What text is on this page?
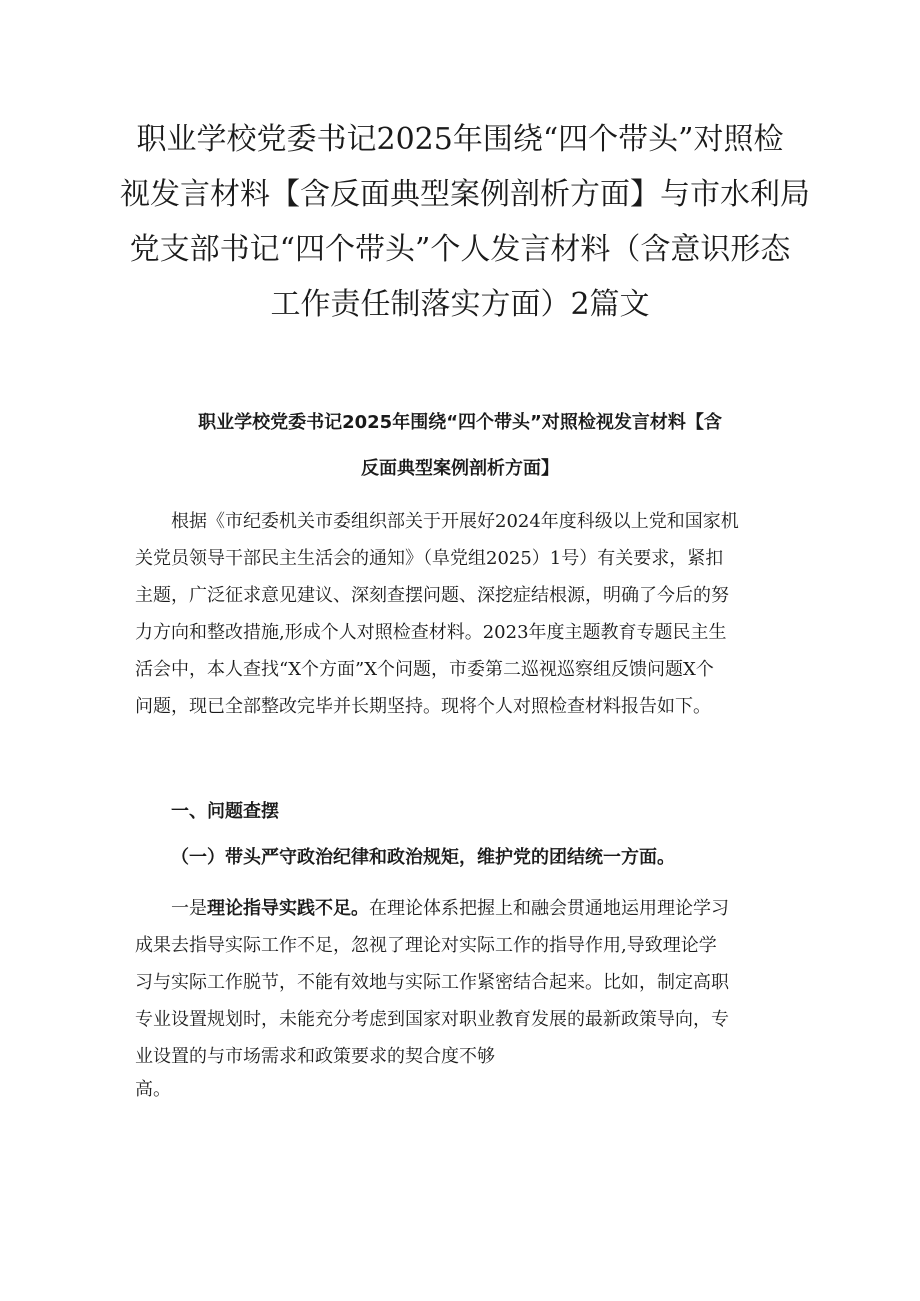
职业学校党委书记2025年围绕“四个带头”对照检
视发言材料【含反面典型案例剖析方面】与市水利局
党支部书记“四个带头”个人发言材料（含意识形态
工作责任制落实方面）2篇文
职业学校党委书记2025年围绕“四个带头”对照检视发言材料【含
反面典型案例剖析方面】
根据《市纪委机关市委组织部关于开展好2024年度科级以上党和国家机
关党员领导干部民主生活会的通知》（阜党组2025）1号）有关要求，紧扣
主题，广泛征求意见建议、深刻查摆问题、深挖症结根源，明确了今后的努
力方向和整改措施,形成个人对照检查材料。2023年度主题教育专题民主生
活会中，本人查找“X个方面”X个问题，市委第二巡视巡察组反馈问题X个
问题，现已全部整改完毕并长期坚持。现将个人对照检查材料报告如下。
一、问题查摆
（一）带头严守政治纪律和政治规矩，维护党的团结统一方面。
一是理论指导实践不足。在理论体系把握上和融会贯通地运用理论学习
成果去指导实际工作不足，忽视了理论对实际工作的指导作用,导致理论学
习与实际工作脱节，不能有效地与实际工作紧密结合起来。比如，制定高职
专业设置规划时，未能充分考虑到国家对职业教育发展的最新政策导向，专
业设置的与市场需求和政策要求的契合度不够
高。
